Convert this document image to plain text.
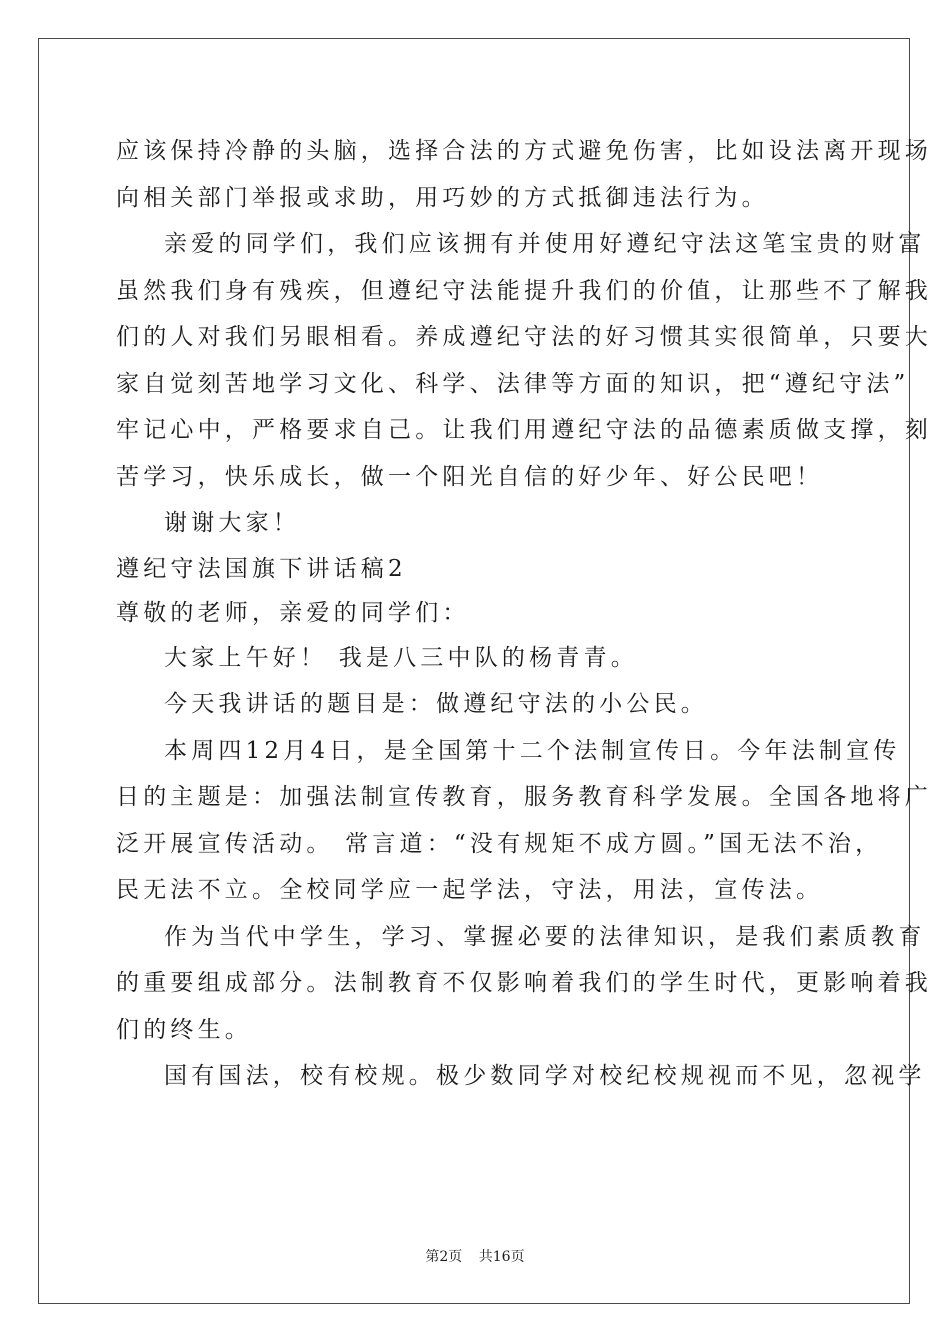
应该保持冷静的头脑，选择合法的方式避免伤害，比如设法离开现场
向相关部门举报或求助，用巧妙的方式抵御违法行为。
亲爱的同学们，我们应该拥有并使用好遵纪守法这笔宝贵的财富
虽然我们身有残疾，但遵纪守法能提升我们的价值，让那些不了解我
们的人对我们另眼相看。养成遵纪守法的好习惯其实很简单，只要大
家自觉刻苦地学习文化、科学、法律等方面的知识，把“遵纪守法”
牢记心中，严格要求自己。让我们用遵纪守法的品德素质做支撑，刻
苦学习，快乐成长，做一个阳光自信的好少年、好公民吧！
谢谢大家！
遵纪守法国旗下讲话稿2
尊敬的老师，亲爱的同学们：
大家上午好！ 我是八三中队的杨青青。
今天我讲话的题目是：做遵纪守法的小公民。
本周四12月4日，是全国第十二个法制宣传日。今年法制宣传
日的主题是：加强法制宣传教育，服务教育科学发展。全国各地将广
泛开展宣传活动。 常言道：“没有规矩不成方圆。”国无法不治，
民无法不立。全校同学应一起学法，守法，用法，宣传法。
作为当代中学生，学习、掌握必要的法律知识，是我们素质教育
的重要组成部分。法制教育不仅影响着我们的学生时代，更影响着我
们的终生。
国有国法，校有校规。极少数同学对校纪校规视而不见，忽视学
第2页 共16页
